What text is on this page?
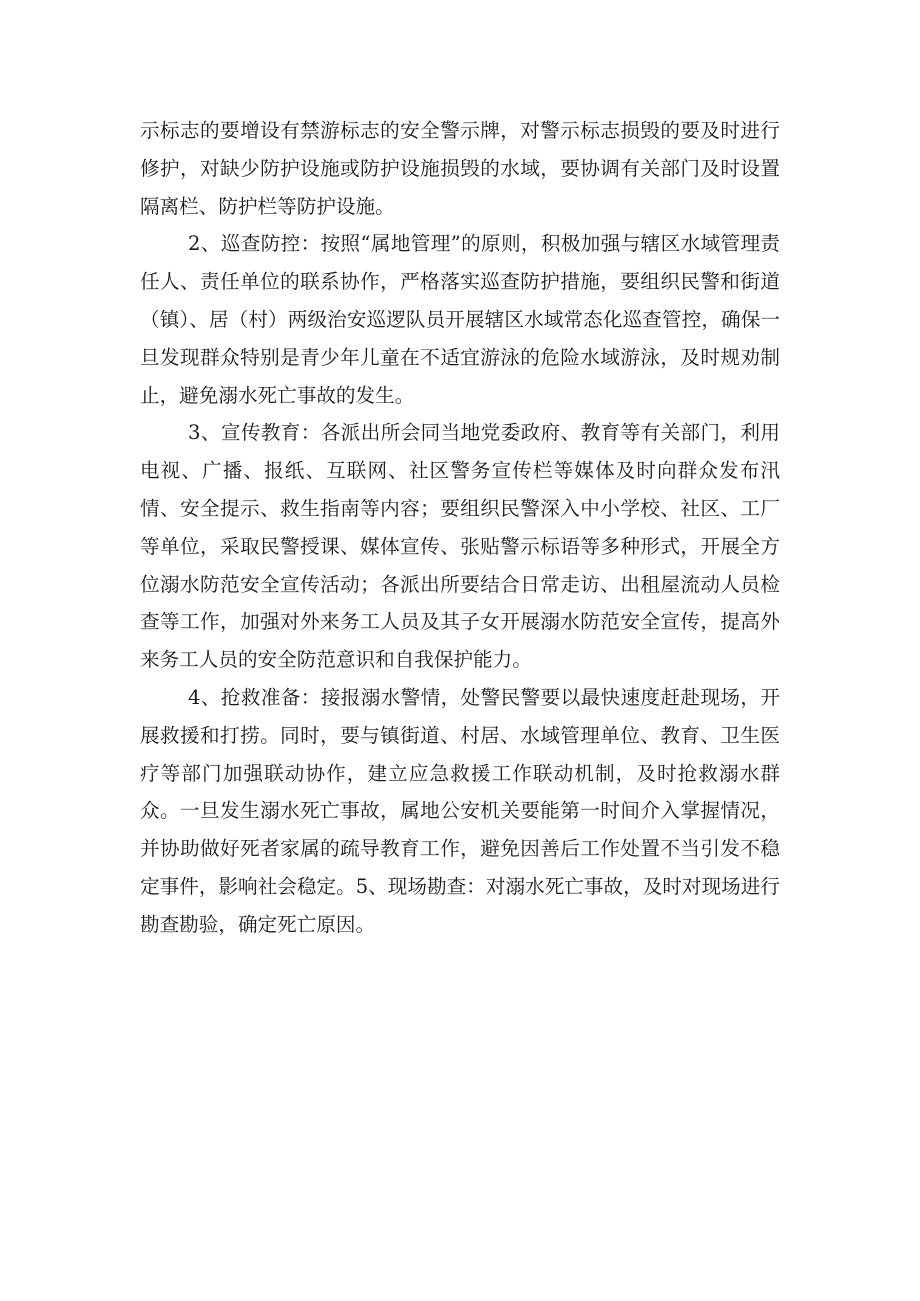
示标志的要增设有禁游标志的安全警示牌，对警示标志损毁的要及时进行修护，对缺少防护设施或防护设施损毁的水域，要协调有关部门及时设置隔离栏、防护栏等防护设施。

2、巡查防控：按照“属地管理”的原则，积极加强与辖区水域管理责任人、责任单位的联系协作，严格落实巡查防护措施，要组织民警和街道（镇）、居（村）两级治安巡逻队员开展辖区水域常态化巡查管控，确保一旦发现群众特别是青少年儿童在不适宜游泳的危险水域游泳，及时规劝制止，避免溺水死亡事故的发生。

3、宣传教育：各派出所会同当地党委政府、教育等有关部门，利用电视、广播、报纸、互联网、社区警务宣传栏等媒体及时向群众发布汛情、安全提示、救生指南等内容；要组织民警深入中小学校、社区、工厂等单位，采取民警授课、媒体宣传、张贴警示标语等多种形式，开展全方位溺水防范安全宣传活动；各派出所要结合日常走访、出租屋流动人员检查等工作，加强对外来务工人员及其子女开展溺水防范安全宣传，提高外来务工人员的安全防范意识和自我保护能力。

4、抢救准备：接报溺水警情，处警民警要以最快速度赶赴现场，开展救援和打捞。同时，要与镇街道、村居、水域管理单位、教育、卫生医疗等部门加强联动协作，建立应急救援工作联动机制，及时抢救溺水群众。一旦发生溺水死亡事故，属地公安机关要能第一时间介入掌握情况，并协助做好死者家属的疏导教育工作，避免因善后工作处置不当引发不稳定事件，影响社会稳定。5、现场勘查：对溺水死亡事故，及时对现场进行勘查勘验，确定死亡原因。
